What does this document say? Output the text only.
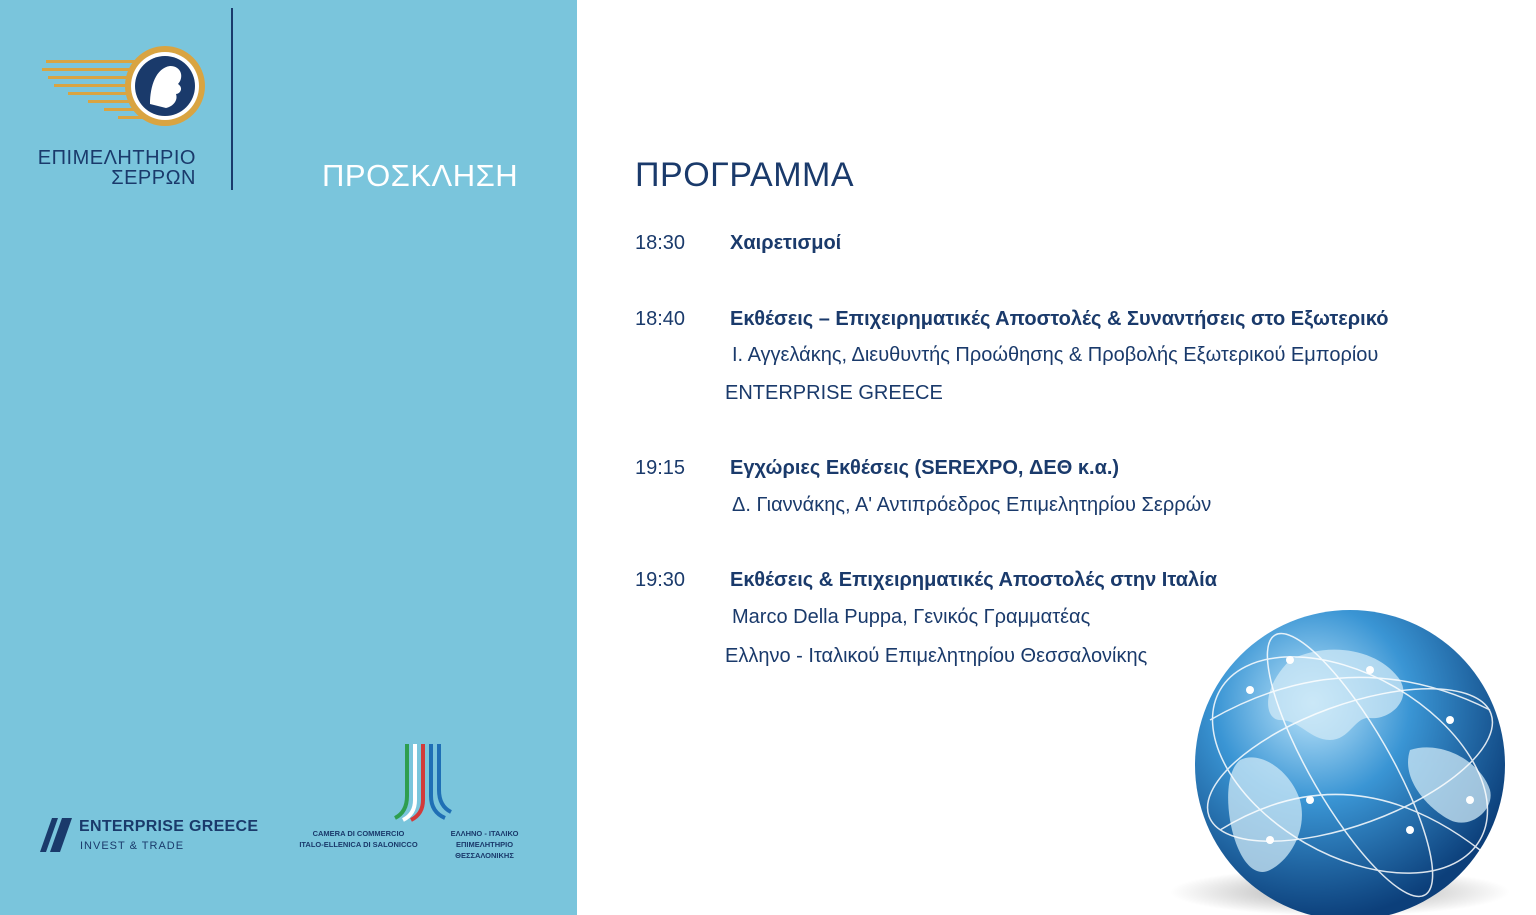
ΕΠΙΜΕΛΗΤΗΡΙΟ
ΣΕΡΡΩΝ	ΠΡΟΣΚΛΗΣΗ
ENTERPRISE GREECE
INVEST & TRADE
CAMERA DI COMMERCIO
ITALO-ELLENICA DI SALONICCO
ΕΛΛΗΝΟ - ΙΤΑΛΙΚΟ
ΕΠΙΜΕΛΗΤΗΡΙΟ ΘΕΣΣΑΛΟΝΙΚΗΣ
ΠΡΟΓΡΑΜΜΑ
18:30 Χαιρετισμοί
18:40 Εκθέσεις – Επιχειρηματικές Αποστολές & Συναντήσεις στο Εξωτερικό
Ι. Αγγελάκης, Διευθυντής Προώθησης & Προβολής Εξωτερικού Εμπορίου
ENTERPRISE GREECE
19:15 Εγχώριες Εκθέσεις (SEREXPO, ΔΕΘ κ.α.)
Δ. Γιαννάκης, Α' Αντιπρόεδρος Επιμελητηρίου Σερρών
19:30 Εκθέσεις & Επιχειρηματικές Αποστολές στην Ιταλία
Marco Della Puppa, Γενικός Γραμματέας
Ελληνο - Ιταλικού Επιμελητηρίου Θεσσαλονίκης
